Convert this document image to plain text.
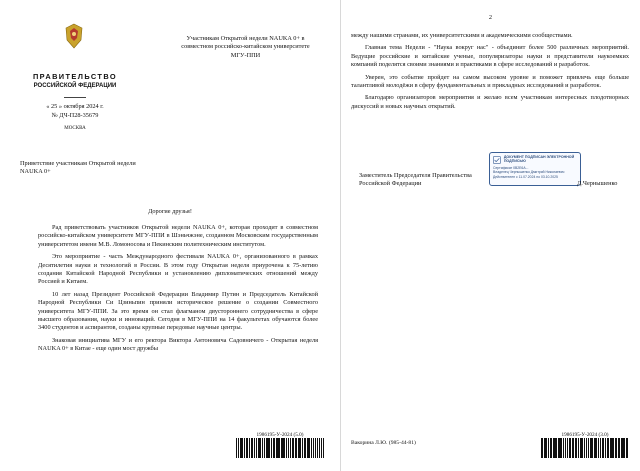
ПРАВИТЕЛЬСТВО
РОССИЙСКОЙ ФЕДЕРАЦИИ
« 25 » октября 2024 г.
№ ДЧ-П28-35679
МОСКВА
Приветствие участникам Открытой недели NAUKA 0+
Участникам Открытой недели NAUKA 0+ в совместном российско-китайском университете МГУ-ППИ
Дорогие друзья!

Рад приветствовать участников Открытой недели NAUKA 0+, которая проходит в совместном российско-китайском университете МГУ-ППИ в Шэньчжэне, созданном Московским государственным университетом имени М.В. Ломоносова и Пекинским политехническим институтом.

Это мероприятие - часть Международного фестиваля NAUKA 0+, организованного в рамках Десятилетия науки и технологий в России. В этом году Открытая неделя приурочена к 75-летию создания Китайской Народной Республики и установлению дипломатических отношений между Россией и Китаем.

10 лет назад Президент Российской Федерации Владимир Путин и Председатель Китайской Народной Республики Си Цзиньпин приняли историческое решение о создании Совместного университета МГУ-ППИ. За это время он стал флагманом двустороннего сотрудничества в сфере высшего образования, науки и инноваций. Сегодня в МГУ-ППИ на 14 факультетах обучаются более 3400 студентов и аспирантов, созданы крупные передовые научные центры.

Знаковая инициатива МГУ и его ректора Виктора Антоновича Садовничего - Открытая неделя NAUKA 0+ в Китае - еще один мост дружбы

1986195-У-2024 (5.0)
2

между нашими странами, их университетскими и академическими сообществами.

Главная тема Недели - "Наука вокруг нас" - объединит более 500 различных мероприятий. Ведущие российские и китайские ученые, популяризаторы науки и представители наукоемких компаний поделятся своими знаниями и практиками в сфере исследований и разработок.

Уверен, это событие пройдет на самом высоком уровне и поможет привлечь еще больше талантливой молодёжи в сферу фундаментальных и прикладных исследований и разработок.

Благодарю организаторов мероприятия и желаю всем участникам интересных плодотворных дискуссий и новых научных открытий.

Заместитель Председателя Правительства Российской Федерации
ДОКУМЕНТ ПОДПИСАН ЭЛЕКТРОННОЙ ПОДПИСЬЮ
Сертификат 0B2E6A...
Владелец Чернышенко Дмитрий Николаевич
Действителен с 11.07.2024 по 03.10.2025
Д.Чернышенко
Вакорина Л.Ю. (985-44-81)
1986195-У-2024 (3.0)
